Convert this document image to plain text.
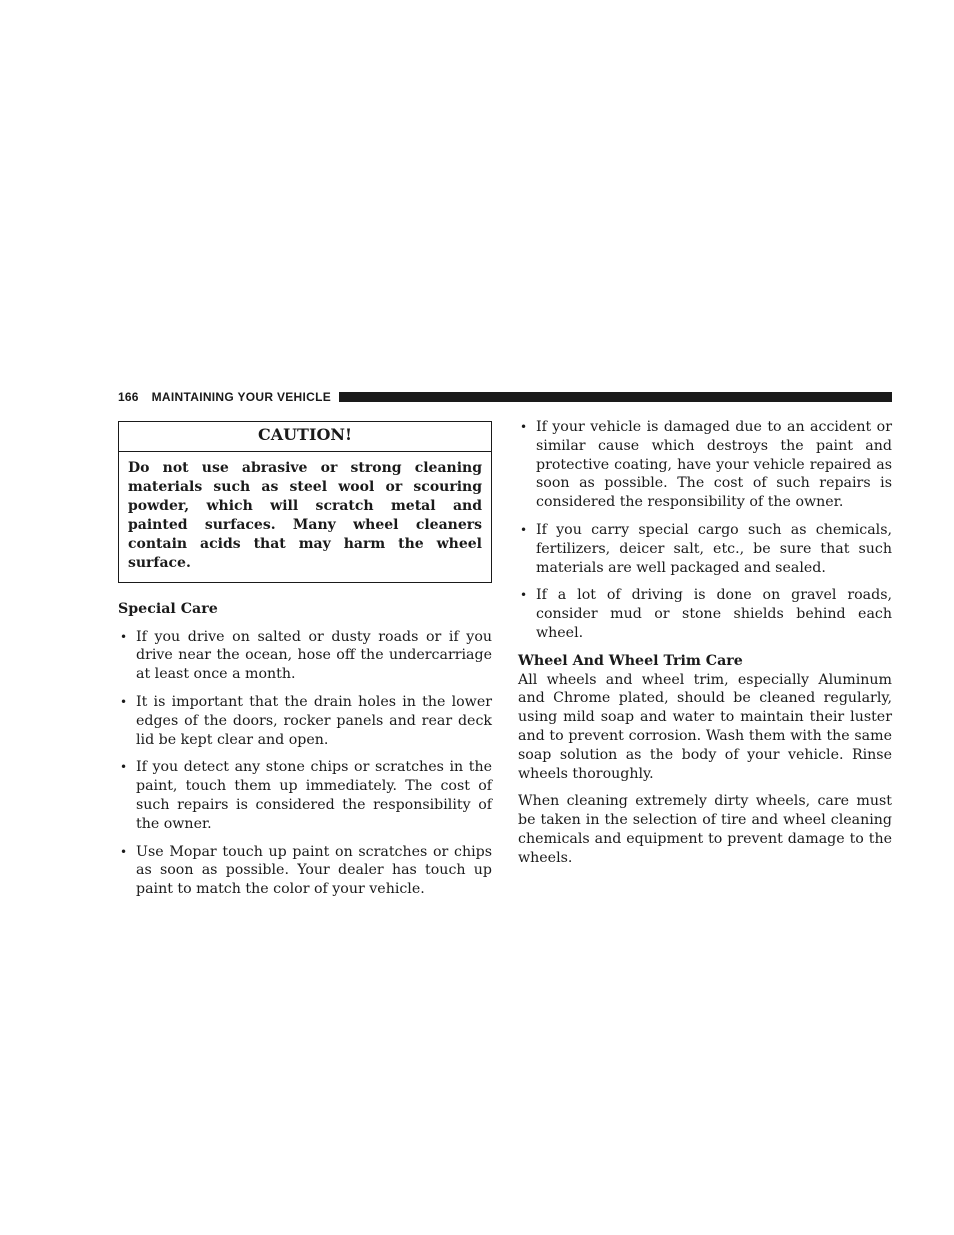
166 MAINTAINING YOUR VEHICLE
CAUTION!
Do not use abrasive or strong cleaning materials such as steel wool or scouring powder, which will scratch metal and painted surfaces. Many wheel cleaners contain acids that may harm the wheel surface.
Special Care
• If you drive on salted or dusty roads or if you drive near the ocean, hose off the undercarriage at least once a month.
• It is important that the drain holes in the lower edges of the doors, rocker panels and rear deck lid be kept clear and open.
• If you detect any stone chips or scratches in the paint, touch them up immediately. The cost of such repairs is considered the responsibility of the owner.
• Use Mopar touch up paint on scratches or chips as soon as possible. Your dealer has touch up paint to match the color of your vehicle.
• If your vehicle is damaged due to an accident or similar cause which destroys the paint and protective coating, have your vehicle repaired as soon as possible. The cost of such repairs is considered the responsibility of the owner.
• If you carry special cargo such as chemicals, fertilizers, deicer salt, etc., be sure that such materials are well packaged and sealed.
• If a lot of driving is done on gravel roads, consider mud or stone shields behind each wheel.
Wheel And Wheel Trim Care

All wheels and wheel trim, especially Aluminum and Chrome plated, should be cleaned regularly, using mild soap and water to maintain their luster and to prevent corrosion. Wash them with the same soap solution as the body of your vehicle. Rinse wheels thoroughly.

When cleaning extremely dirty wheels, care must be taken in the selection of tire and wheel cleaning chemicals and equipment to prevent damage to the wheels.
